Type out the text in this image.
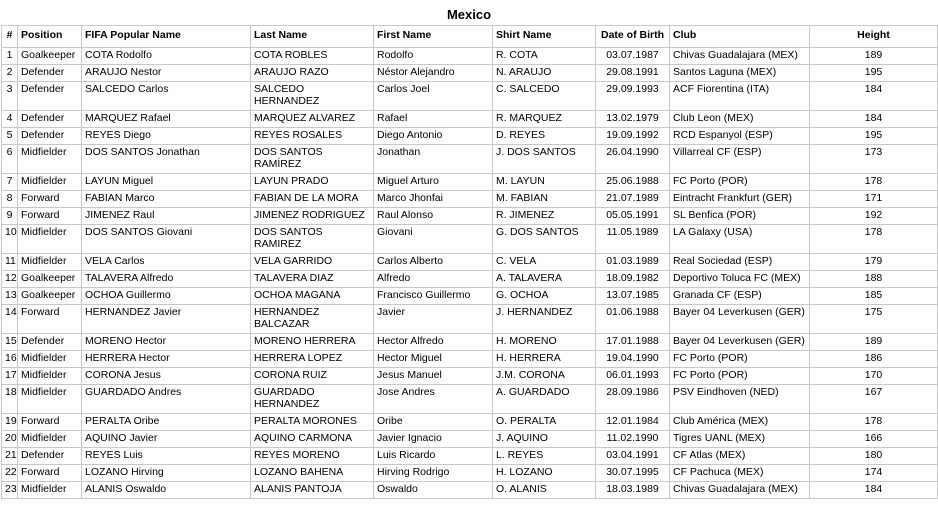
Mexico
#	Position	FIFA Popular Name	Last Name	First Name	Shirt Name	Date of Birth	Club	Height
1	Goalkeeper	COTA Rodolfo	COTA ROBLES	Rodolfo	R. COTA	03.07.1987	Chivas Guadalajara (MEX)	189
2	Defender	ARAUJO Nestor	ARAUJO RAZO	Néstor Alejandro	N. ARAUJO	29.08.1991	Santos Laguna (MEX)	195
3	Defender	SALCEDO Carlos	SALCEDO HERNANDEZ	Carlos Joel	C. SALCEDO	29.09.1993	ACF Fiorentina (ITA)	184
4	Defender	MARQUEZ Rafael	MARQUEZ ALVAREZ	Rafael	R. MARQUEZ	13.02.1979	Club Leon (MEX)	184
5	Defender	REYES Diego	REYES ROSALES	Diego Antonio	D. REYES	19.09.1992	RCD Espanyol (ESP)	195
6	Midfielder	DOS SANTOS Jonathan	DOS SANTOS RAMÍREZ	Jonathan	J. DOS SANTOS	26.04.1990	Villarreal CF (ESP)	173
7	Midfielder	LAYUN Miguel	LAYUN PRADO	Miguel Arturo	M. LAYUN	25.06.1988	FC Porto (POR)	178
8	Forward	FABIAN Marco	FABIAN DE LA MORA	Marco Jhonfai	M. FABIAN	21.07.1989	Eintracht Frankfurt (GER)	171
9	Forward	JIMENEZ Raul	JIMENEZ RODRIGUEZ	Raul Alonso	R. JIMENEZ	05.05.1991	SL Benfica (POR)	192
10	Midfielder	DOS SANTOS Giovani	DOS SANTOS RAMIREZ	Giovani	G. DOS SANTOS	11.05.1989	LA Galaxy (USA)	178
11	Midfielder	VELA Carlos	VELA GARRIDO	Carlos Alberto	C. VELA	01.03.1989	Real Sociedad (ESP)	179
12	Goalkeeper	TALAVERA Alfredo	TALAVERA DIAZ	Alfredo	A. TALAVERA	18.09.1982	Deportivo Toluca FC (MEX)	188
13	Goalkeeper	OCHOA Guillermo	OCHOA MAGANA	Francisco Guillermo	G. OCHOA	13.07.1985	Granada CF (ESP)	185
14	Forward	HERNANDEZ Javier	HERNANDEZ BALCAZAR	Javier	J. HERNANDEZ	01.06.1988	Bayer 04 Leverkusen (GER)	175
15	Defender	MORENO Hector	MORENO HERRERA	Hector Alfredo	H. MORENO	17.01.1988	Bayer 04 Leverkusen (GER)	189
16	Midfielder	HERRERA Hector	HERRERA LOPEZ	Hector Miguel	H. HERRERA	19.04.1990	FC Porto (POR)	186
17	Midfielder	CORONA Jesus	CORONA RUIZ	Jesus Manuel	J.M. CORONA	06.01.1993	FC Porto (POR)	170
18	Midfielder	GUARDADO Andres	GUARDADO HERNANDEZ	Jose Andres	A. GUARDADO	28.09.1986	PSV Eindhoven (NED)	167
19	Forward	PERALTA Oribe	PERALTA MORONES	Oribe	O. PERALTA	12.01.1984	Club América (MEX)	178
20	Midfielder	AQUINO Javier	AQUINO CARMONA	Javier Ignacio	J. AQUINO	11.02.1990	Tigres UANL (MEX)	166
21	Defender	REYES Luis	REYES MORENO	Luis Ricardo	L. REYES	03.04.1991	CF Atlas (MEX)	180
22	Forward	LOZANO Hirving	LOZANO BAHENA	Hirving Rodrigo	H. LOZANO	30.07.1995	CF Pachuca (MEX)	174
23	Midfielder	ALANIS Oswaldo	ALANIS PANTOJA	Oswaldo	O. ALANIS	18.03.1989	Chivas Guadalajara (MEX)	184
